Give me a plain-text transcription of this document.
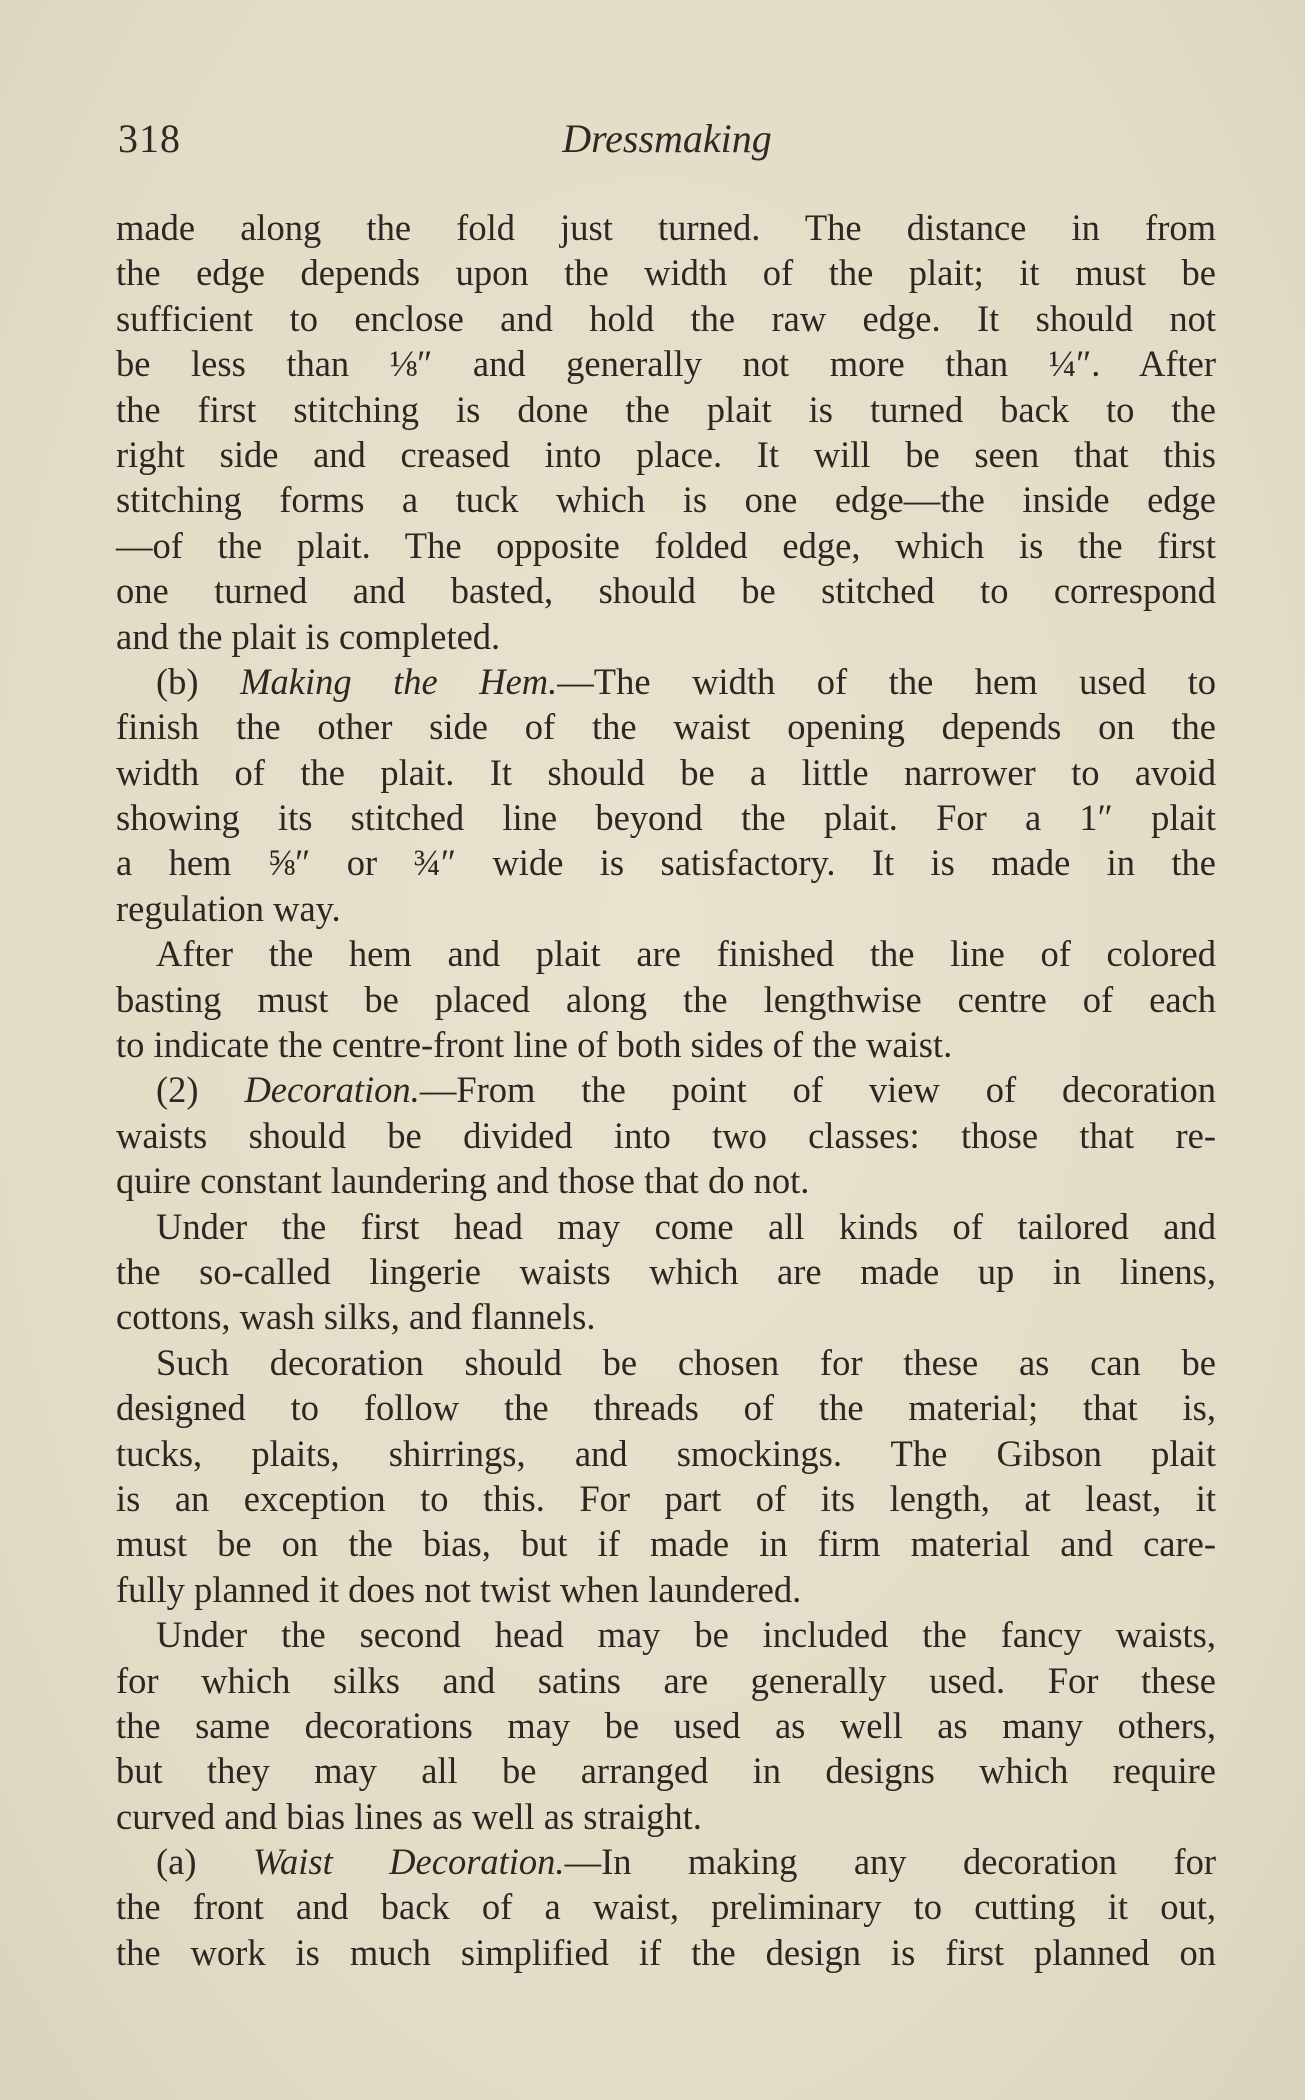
318	Dressmaking
made along the fold just turned. The distance in from
the edge depends upon the width of the plait; it must be
sufficient to enclose and hold the raw edge. It should not
be less than ⅛″ and generally not more than ¼″. After
the first stitching is done the plait is turned back to the
right side and creased into place. It will be seen that this
stitching forms a tuck which is one edge—the inside edge
—of the plait. The opposite folded edge, which is the first
one turned and basted, should be stitched to correspond
and the plait is completed.
(b) Making the Hem.—The width of the hem used to
finish the other side of the waist opening depends on the
width of the plait. It should be a little narrower to avoid
showing its stitched line beyond the plait. For a 1″ plait
a hem ⅝″ or ¾″ wide is satisfactory. It is made in the
regulation way.
After the hem and plait are finished the line of colored
basting must be placed along the lengthwise centre of each
to indicate the centre-front line of both sides of the waist.
(2) Decoration.—From the point of view of decoration
waists should be divided into two classes: those that re-
quire constant laundering and those that do not.
Under the first head may come all kinds of tailored and
the so-called lingerie waists which are made up in linens,
cottons, wash silks, and flannels.
Such decoration should be chosen for these as can be
designed to follow the threads of the material; that is,
tucks, plaits, shirrings, and smockings. The Gibson plait
is an exception to this. For part of its length, at least, it
must be on the bias, but if made in firm material and care-
fully planned it does not twist when laundered.
Under the second head may be included the fancy waists,
for which silks and satins are generally used. For these
the same decorations may be used as well as many others,
but they may all be arranged in designs which require
curved and bias lines as well as straight.
(a) Waist Decoration.—In making any decoration for
the front and back of a waist, preliminary to cutting it out,
the work is much simplified if the design is first planned on
